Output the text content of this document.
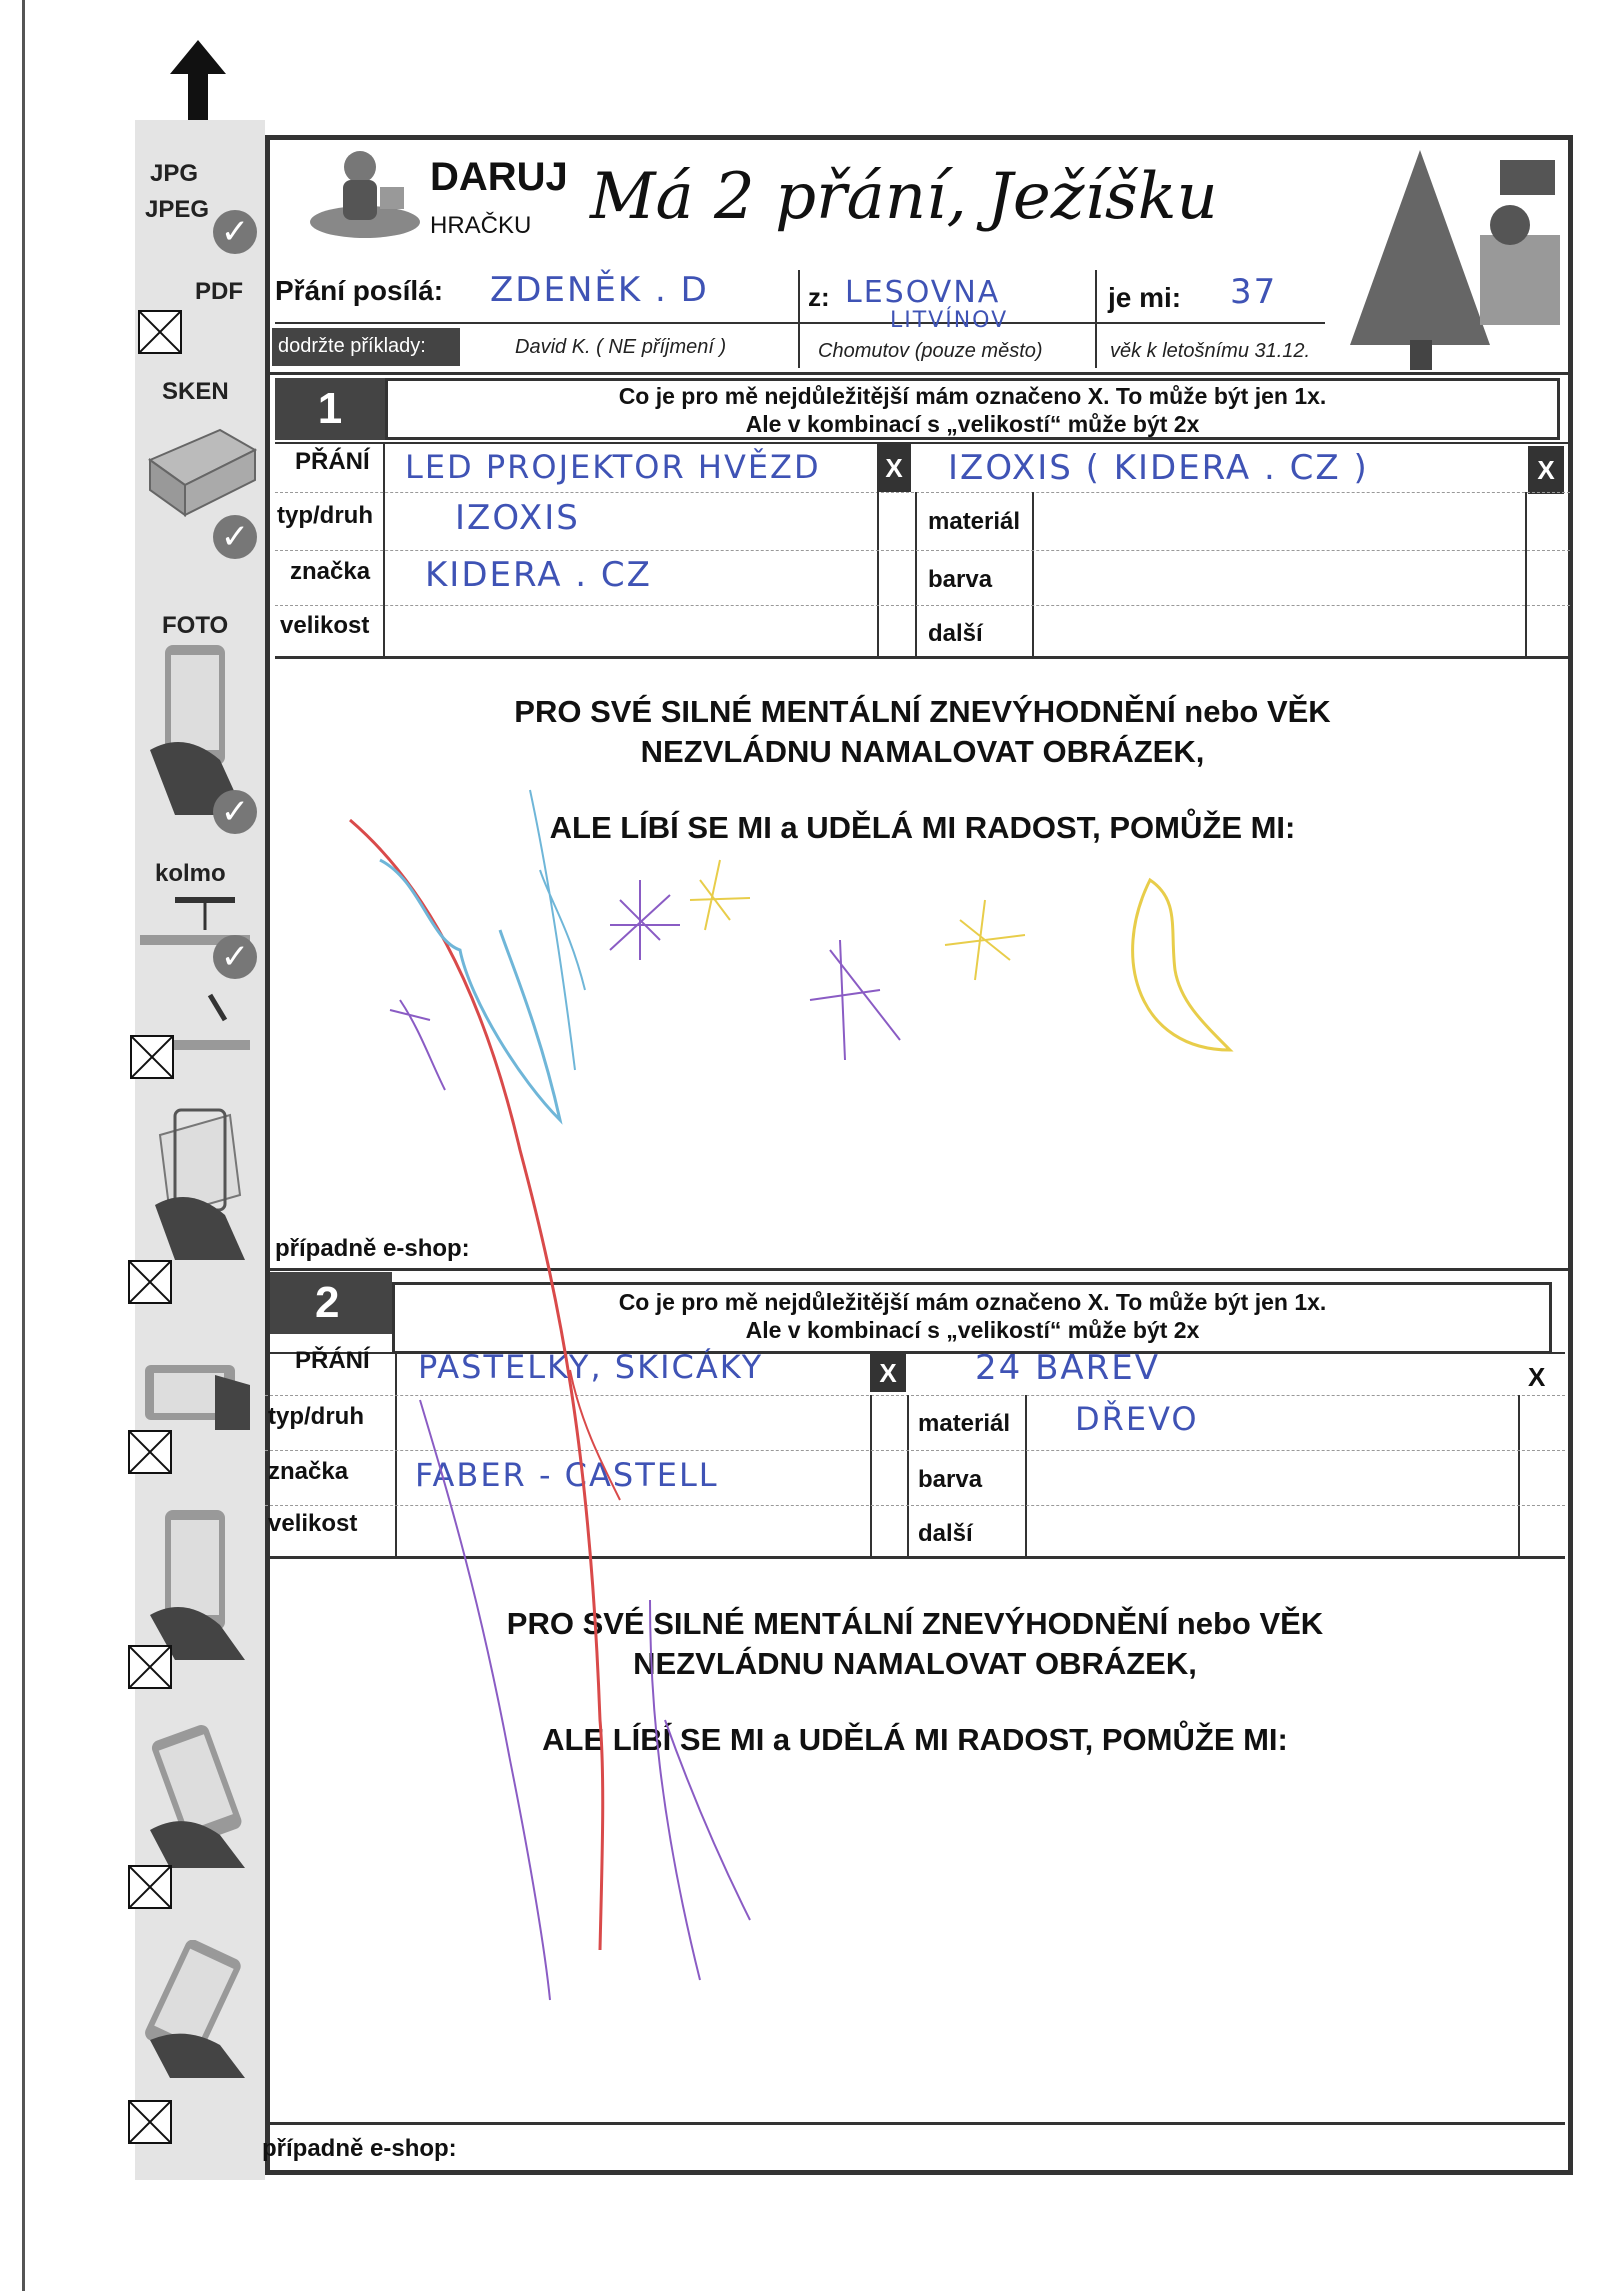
JPG
JPEG
✓
PDF
SKEN
✓
FOTO
✓
kolmo
✓
DARUJ
HRAČKU Má 2 přání, Ježíšku
Přání posílá: ZDENĚK . D	z: LESOVNA
LITVÍNOV
je mi: 37
dodržte příklady:	David K. ( NE příjmení )	Chomutov (pouze město)	věk k letošnímu 31.12.
1	Co je pro mě nejdůležitější mám označeno X. To může být jen 1x.
Ale v kombinací s „velikostí“ může být 2x
PŘÁNÍ LED PROJEKTOR HVĚZD	X IZOXIS ( KIDERA . CZ )	X
typ/druh IZOXIS	materiál
značka KIDERA . CZ	barva
velikost	další
PRO SVÉ SILNÉ MENTÁLNÍ ZNEVÝHODNĚNÍ nebo VĚK
NEZVLÁDNU NAMALOVAT OBRÁZEK,
ALE LÍBÍ SE MI a UDĚLÁ MI RADOST, POMŮŽE MI:
případně e-shop:
2	Co je pro mě nejdůležitější mám označeno X. To může být jen 1x.
Ale v kombinací s „velikostí“ může být 2x
PŘÁNÍ PASTELKY, SKICÁKY	X 24 BAREV	X
typ/druh	materiál DŘEVO
značka FABER - CASTELL	barva
velikost	další
PRO SVÉ SILNÉ MENTÁLNÍ ZNEVÝHODNĚNÍ nebo VĚK
NEZVLÁDNU NAMALOVAT OBRÁZEK,
ALE LÍBÍ SE MI a UDĚLÁ MI RADOST, POMŮŽE MI:
případně e-shop:
